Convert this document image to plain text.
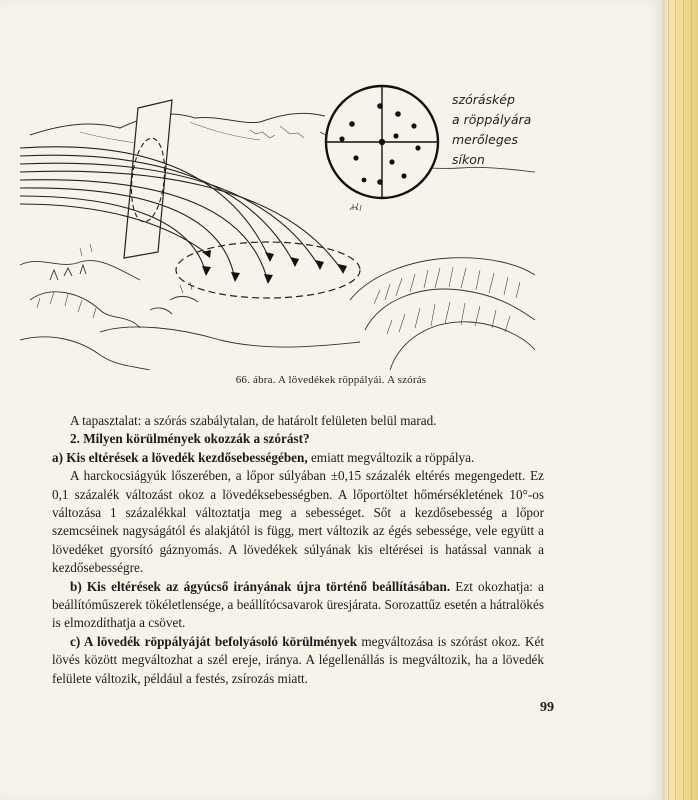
szóráskép
a röppályára
merőleges
síkon
66. ábra. A lövedékek röppályái. A szórás

A tapasztalat: a szórás szabálytalan, de határolt felületen belül marad.

2. Milyen körülmények okozzák a szórást?

a) Kis eltérések a lövedék kezdősebességében, emiatt megváltozik a röppálya.

A harckocsiágyúk lőszerében, a lőpor súlyában ±0,15 százalék eltérés megengedett. Ez 0,1 százalék változást okoz a lövedéksebességben. A lőportöltet hőmérsékletének 10°-os változása 1 százalékkal változtatja meg a sebességet. Sőt a kezdősebesség a lőpor szemcséinek nagyságától és alakjától is függ, mert változik az égés sebessége, vele együtt a lövedéket gyorsító gáznyomás. A lövedékek súlyának kis eltérései is hatással vannak a kezdősebességre.

b) Kis eltérések az ágyúcső irányának újra történő beállításában. Ezt okozhatja: a beállítóműszerek tökéletlensége, a beállítócsavarok üresjárata. Sorozattűz esetén a hátralökés is elmozdíthatja a csövet.

c) A lövedék röppályáját befolyásoló körülmények megváltozása is szórást okoz. Két lövés között megváltozhat a szél ereje, iránya. A légellenállás is megváltozik, ha a lövedék felülete változik, például a festés, zsírozás miatt.

99
